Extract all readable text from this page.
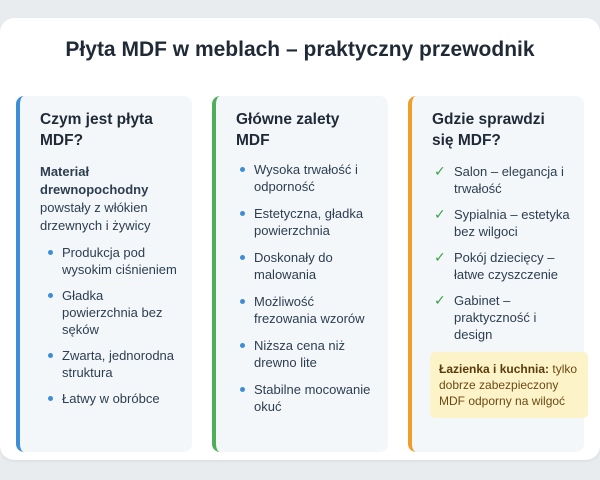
Płyta MDF w meblach – praktyczny przewodnik
Czym jest płyta MDF?
Materiał drewnopochodny powstały z włókien drzewnych i żywicy
Produkcja pod wysokim ciśnieniem
Gładka powierzchnia bez sęków
Zwarta, jednorodna struktura
Łatwy w obróbce
Główne zalety MDF
Wysoka trwałość i odporność
Estetyczna, gładka powierzchnia
Doskonały do malowania
Możliwość frezowania wzorów
Niższa cena niż drewno lite
Stabilne mocowanie okuć
Gdzie sprawdzi się MDF?
✓ Salon – elegancja i trwałość
✓ Sypialnia – estetyka bez wilgoci
✓ Pokój dziecięcy – łatwe czyszczenie
✓ Gabinet – praktyczność i design
Łazienka i kuchnia: tylko dobrze zabezpieczony MDF odporny na wilgoć
